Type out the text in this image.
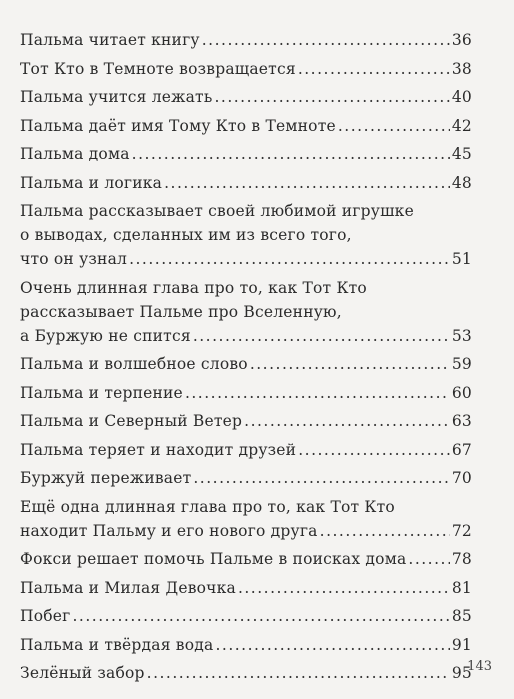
Пальма читает книгу .....	36
Тот Кто в Темноте возвращается .....	38
Пальма учится лежать .....	40
Пальма даёт имя Тому Кто в Темноте .....	42
Пальма дома .....	45
Пальма и логика .....	48
Пальма рассказывает своей любимой игрушке
о выводах, сделанных им из всего того,
что он узнал .....	51
Очень длинная глава про то, как Тот Кто
рассказывает Пальме про Вселенную,
а Буржую не спится .....	53
Пальма и волшебное слово .....	59
Пальма и терпение .....	60
Пальма и Северный Ветер .....	63
Пальма теряет и находит друзей .....	67
Буржуй переживает .....	70
Ещё одна длинная глава про то, как Тот Кто
находит Пальму и его нового друга .....	72
Фокси решает помочь Пальме в поисках дома .....	78
Пальма и Милая Девочка .....	81
Побег .....	85
Пальма и твёрдая вода .....	91
Зелёный забор .....	95
143
